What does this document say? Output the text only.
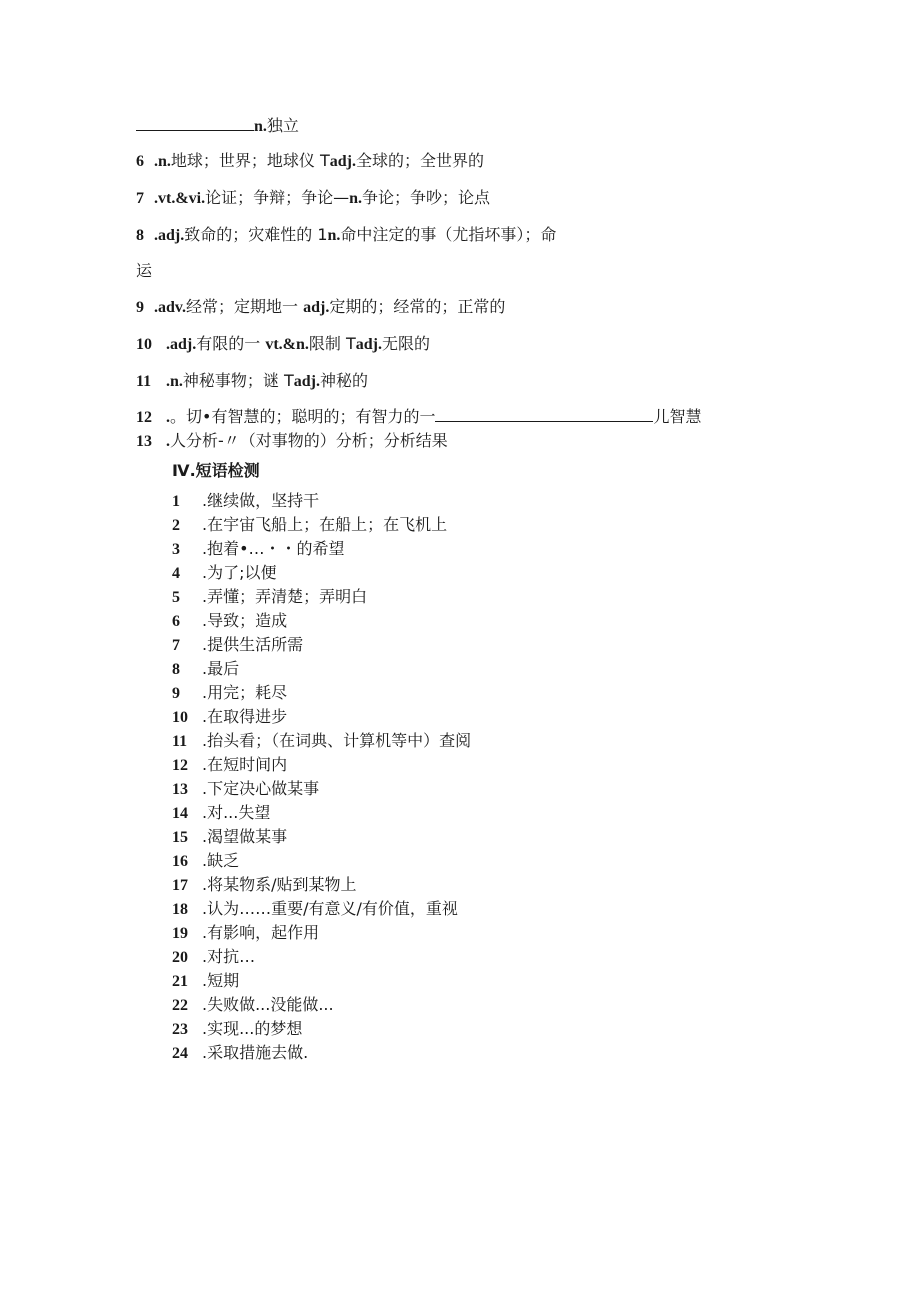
n.独立
6 .n.地球；世界；地球仪 Tadj.全球的；全世界的
7 .vt.&vi.论证；争辩；争论—n.争论；争吵；论点
8 .adj.致命的；灾难性的 1n.命中注定的事（尤指坏事）；命
运
9 .adv.经常；定期地一 adj.定期的；经常的；正常的
10 .adj.有限的一 vt.&n.限制 Tadj.无限的
11 .n.神秘事物；谜 Tadj.神秘的
12 .。切•有智慧的；聪明的；有智力的一	儿智慧
13 .人分析-〃（对事物的）分析；分析结果
Ⅳ.短语检测
1 .继续做，坚持干
2 .在宇宙飞船上；在船上；在飞机上
3 .抱着•…・・的希望
4 .为了;以便
5 .弄懂；弄清楚；弄明白
6 .导致；造成
7 .提供生活所需
8 .最后
9 .用完；耗尽
10 .在取得进步
11 .抬头看；（在词典、计算机等中）查阅
12 .在短时间内
13 .下定决心做某事
14 .对...失望
15 .渴望做某事
16 .缺乏
17 .将某物系/贴到某物上
18 .认为……重要/有意义/有价值，重视
19 .有影响，起作用
20 .对抗…
21 .短期
22 .失败做...没能做...
23 .实现...的梦想
24 .采取措施去做.
